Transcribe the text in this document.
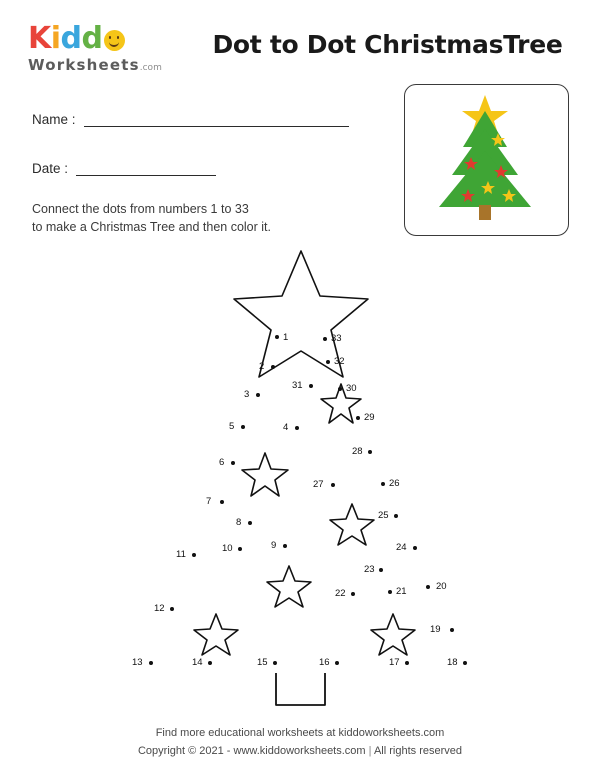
Kidd
Worksheets.com
Dot to Dot ChristmasTree
Name :
Date :
Connect the dots from numbers 1 to 33
to make a Christmas Tree and then color it.
1
2
3
4
5
6
7
8
9
10
11
12
13	14	15	16	17	18
19
20
21
22
23
24
25
26
27
28
29
30
31
32
33
Find more educational worksheets at kiddoworksheets.com
Copyright © 2021 - www.kiddoworksheets.com | All rights reserved
